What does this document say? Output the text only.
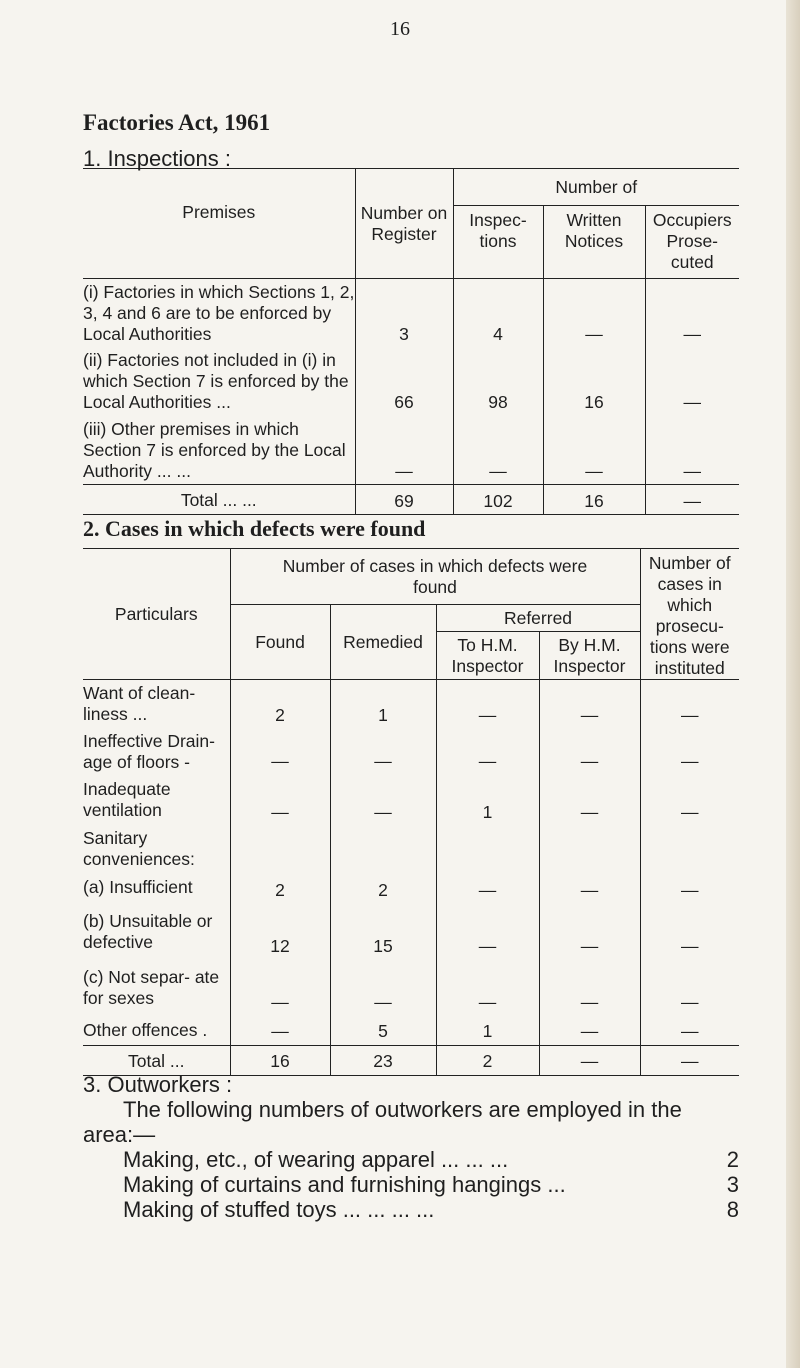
16
Factories Act, 1961
1. Inspections :
Premises	Number on Register	Number of		
		Inspec- tions	Written Notices	Occupiers Prose- cuted
(i) Factories in which Sections 1, 2, 3, 4 and 6 are to be enforced by Local Authorities	3	4	—	—
(ii) Factories not included in (i) in which Section 7 is enforced by the Local Authorities ...	66	98	16	—
(iii) Other premises in which Section 7 is enforced by the Local Authority ... ...	—	—	—	—
Total ... ...	69	102	16	—
2. Cases in which defects were found
Particulars	Number of cases in which defects were found				Number of cases in which prosecu- tions were instituted
	Found	Remedied	Referred		
			To H.M. Inspector	By H.M. Inspector	
Want of clean- liness ...	2	1	—	—	—
Ineffective Drain- age of floors -	—	—	—	—	—
Inadequate ventilation	—	—	1	—	—
Sanitary conveniences:					
(a) Insufficient	2	2	—	—	—
(b) Unsuitable or defective	12	15	—	—	—
(c) Not separ- ate for sexes	—	—	—	—	—
Other offences .	—	5	1	—	—
Total ...	16	23	2	—	—
3. Outworkers :
The following numbers of outworkers are employed in the
area:—
Making, etc., of wearing apparel ... ... ...	2
Making of curtains and furnishing hangings ...	3
Making of stuffed toys ... ... ... ...	8
